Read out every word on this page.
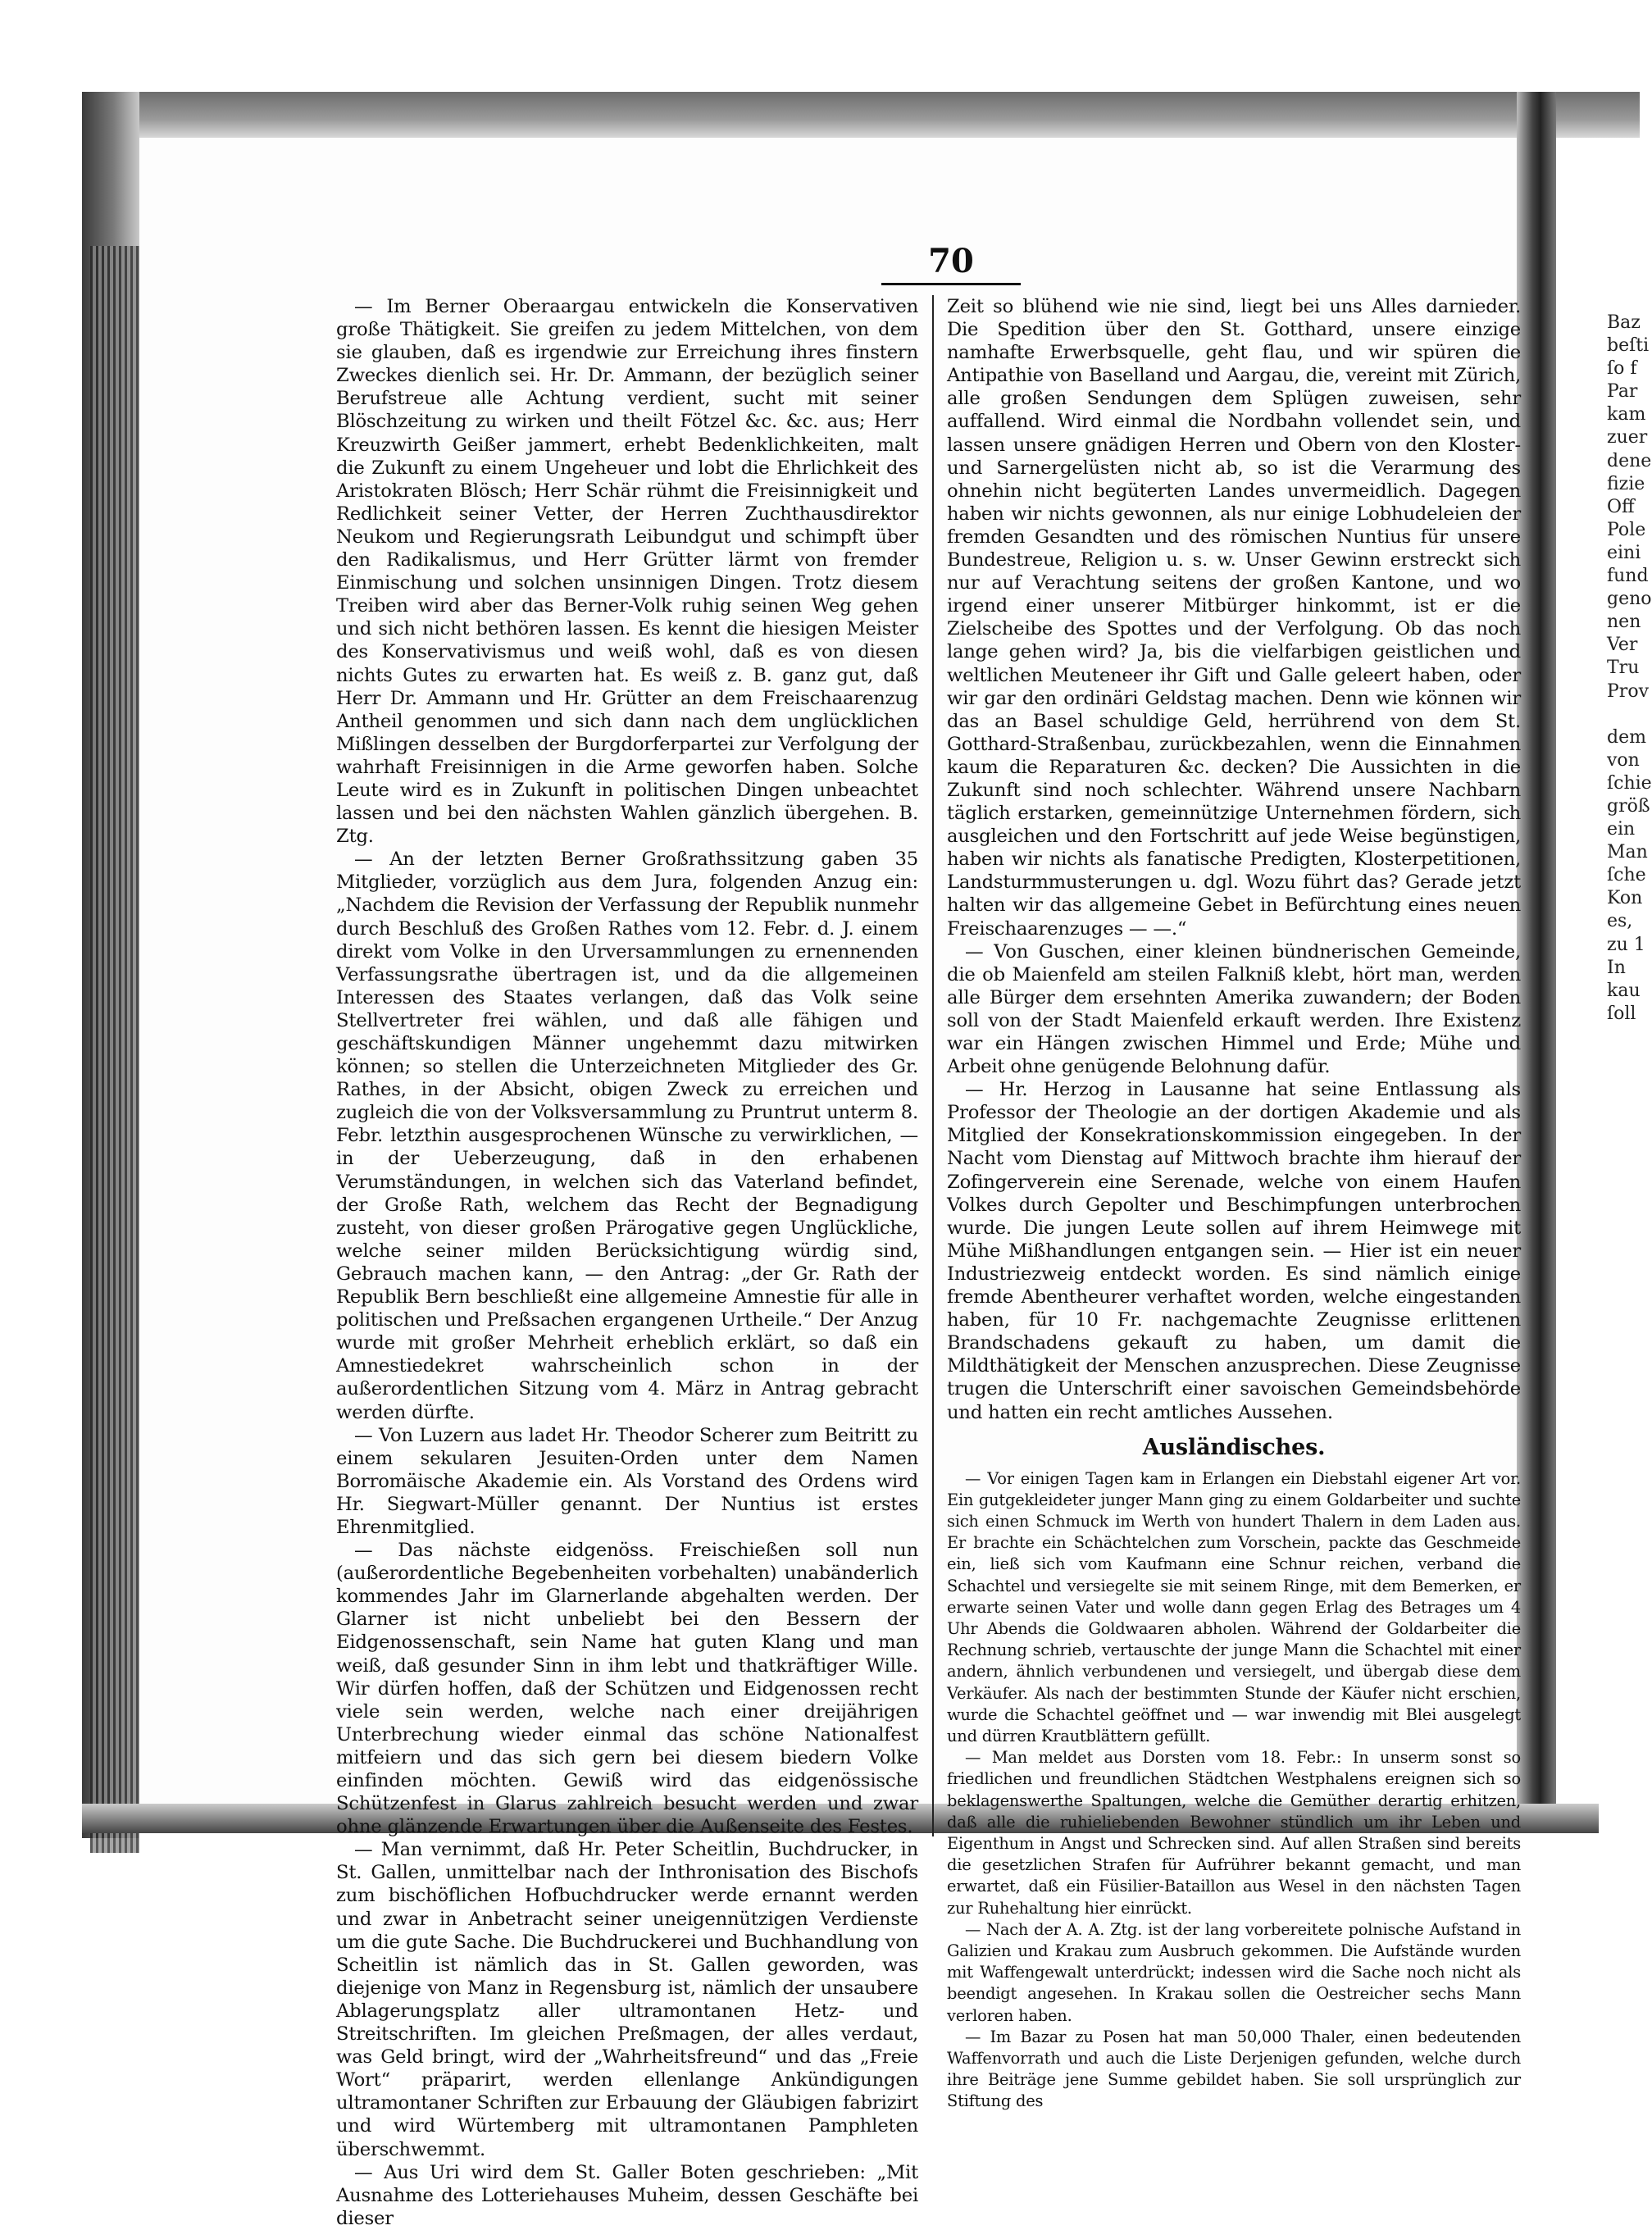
70

— Im Berner Oberaargau entwickeln die Konservativen große Thätigkeit. Sie greifen zu jedem Mittelchen, von dem sie glauben, daß es irgendwie zur Erreichung ihres finstern Zweckes dienlich sei. Hr. Dr. Ammann, der bezüglich seiner Berufstreue alle Achtung verdient, sucht mit seiner Blöschzeitung zu wirken und theilt Fötzel &c. &c. aus; Herr Kreuzwirth Geißer jammert, erhebt Bedenklichkeiten, malt die Zukunft zu einem Ungeheuer und lobt die Ehrlichkeit des Aristokraten Blösch; Herr Schär rühmt die Freisinnigkeit und Redlichkeit seiner Vetter, der Herren Zuchthausdirektor Neukom und Regierungsrath Leibundgut und schimpft über den Radikalismus, und Herr Grütter lärmt von fremder Einmischung und solchen unsinnigen Dingen. Trotz diesem Treiben wird aber das Berner-Volk ruhig seinen Weg gehen und sich nicht bethören lassen. Es kennt die hiesigen Meister des Konservativismus und weiß wohl, daß es von diesen nichts Gutes zu erwarten hat. Es weiß z. B. ganz gut, daß Herr Dr. Ammann und Hr. Grütter an dem Freischaarenzug Antheil genommen und sich dann nach dem unglücklichen Mißlingen desselben der Burgdorferpartei zur Verfolgung der wahrhaft Freisinnigen in die Arme geworfen haben. Solche Leute wird es in Zukunft in politischen Dingen unbeachtet lassen und bei den nächsten Wahlen gänzlich übergehen. B. Ztg.

— An der letzten Berner Großrathssitzung gaben 35 Mitglieder, vorzüglich aus dem Jura, folgenden Anzug ein: „Nachdem die Revision der Verfassung der Republik nunmehr durch Beschluß des Großen Rathes vom 12. Febr. d. J. einem direkt vom Volke in den Urversammlungen zu ernennenden Verfassungsrathe übertragen ist, und da die allgemeinen Interessen des Staates verlangen, daß das Volk seine Stellvertreter frei wählen, und daß alle fähigen und geschäftskundigen Männer ungehemmt dazu mitwirken können; so stellen die Unterzeichneten Mitglieder des Gr. Rathes, in der Absicht, obigen Zweck zu erreichen und zugleich die von der Volksversammlung zu Pruntrut unterm 8. Febr. letzthin ausgesprochenen Wünsche zu verwirklichen, — in der Ueberzeugung, daß in den erhabenen Verumständungen, in welchen sich das Vaterland befindet, der Große Rath, welchem das Recht der Begnadigung zusteht, von dieser großen Prärogative gegen Unglückliche, welche seiner milden Berücksichtigung würdig sind, Gebrauch machen kann, — den Antrag: „der Gr. Rath der Republik Bern beschließt eine allgemeine Amnestie für alle in politischen und Preßsachen ergangenen Urtheile.“ Der Anzug wurde mit großer Mehrheit erheblich erklärt, so daß ein Amnestiedekret wahrscheinlich schon in der außerordentlichen Sitzung vom 4. März in Antrag gebracht werden dürfte.

— Von Luzern aus ladet Hr. Theodor Scherer zum Beitritt zu einem sekularen Jesuiten-Orden unter dem Namen Borromäische Akademie ein. Als Vorstand des Ordens wird Hr. Siegwart-Müller genannt. Der Nuntius ist erstes Ehrenmitglied.

— Das nächste eidgenöss. Freischießen soll nun (außerordentliche Begebenheiten vorbehalten) unabänderlich kommendes Jahr im Glarnerlande abgehalten werden. Der Glarner ist nicht unbeliebt bei den Bessern der Eidgenossenschaft, sein Name hat guten Klang und man weiß, daß gesunder Sinn in ihm lebt und thatkräftiger Wille. Wir dürfen hoffen, daß der Schützen und Eidgenossen recht viele sein werden, welche nach einer dreijährigen Unterbrechung wieder einmal das schöne Nationalfest mitfeiern und das sich gern bei diesem biedern Volke einfinden möchten. Gewiß wird das eidgenössische Schützenfest in Glarus zahlreich besucht werden und zwar ohne glänzende Erwartungen über die Außenseite des Festes.

— Man vernimmt, daß Hr. Peter Scheitlin, Buchdrucker, in St. Gallen, unmittelbar nach der Inthronisation des Bischofs zum bischöflichen Hofbuchdrucker werde ernannt werden und zwar in Anbetracht seiner uneigennützigen Verdienste um die gute Sache. Die Buchdruckerei und Buchhandlung von Scheitlin ist nämlich das in St. Gallen geworden, was diejenige von Manz in Regensburg ist, nämlich der unsaubere Ablagerungsplatz aller ultramontanen Hetz- und Streitschriften. Im gleichen Preßmagen, der alles verdaut, was Geld bringt, wird der „Wahrheitsfreund“ und das „Freie Wort“ präparirt, werden ellenlange Ankündigungen ultramontaner Schriften zur Erbauung der Gläubigen fabrizirt und wird Würtemberg mit ultramontanen Pamphleten überschwemmt.

— Aus Uri wird dem St. Galler Boten geschrieben: „Mit Ausnahme des Lotteriehauses Muheim, dessen Geschäfte bei dieser

Zeit so blühend wie nie sind, liegt bei uns Alles darnieder. Die Spedition über den St. Gotthard, unsere einzige namhafte Erwerbsquelle, geht flau, und wir spüren die Antipathie von Baselland und Aargau, die, vereint mit Zürich, alle großen Sendungen dem Splügen zuweisen, sehr auffallend. Wird einmal die Nordbahn vollendet sein, und lassen unsere gnädigen Herren und Obern von den Kloster- und Sarnergelüsten nicht ab, so ist die Verarmung des ohnehin nicht begüterten Landes unvermeidlich. Dagegen haben wir nichts gewonnen, als nur einige Lobhudeleien der fremden Gesandten und des römischen Nuntius für unsere Bundestreue, Religion u. s. w. Unser Gewinn erstreckt sich nur auf Verachtung seitens der großen Kantone, und wo irgend einer unserer Mitbürger hinkommt, ist er die Zielscheibe des Spottes und der Verfolgung. Ob das noch lange gehen wird? Ja, bis die vielfarbigen geistlichen und weltlichen Meuteneer ihr Gift und Galle geleert haben, oder wir gar den ordinäri Geldstag machen. Denn wie können wir das an Basel schuldige Geld, herrührend von dem St. Gotthard-Straßenbau, zurückbezahlen, wenn die Einnahmen kaum die Reparaturen &c. decken? Die Aussichten in die Zukunft sind noch schlechter. Während unsere Nachbarn täglich erstarken, gemeinnützige Unternehmen fördern, sich ausgleichen und den Fortschritt auf jede Weise begünstigen, haben wir nichts als fanatische Predigten, Klosterpetitionen, Landsturmmusterungen u. dgl. Wozu führt das? Gerade jetzt halten wir das allgemeine Gebet in Befürchtung eines neuen Freischaarenzuges — —.“

— Von Guschen, einer kleinen bündnerischen Gemeinde, die ob Maienfeld am steilen Falkniß klebt, hört man, werden alle Bürger dem ersehnten Amerika zuwandern; der Boden soll von der Stadt Maienfeld erkauft werden. Ihre Existenz war ein Hängen zwischen Himmel und Erde; Mühe und Arbeit ohne genügende Belohnung dafür.

— Hr. Herzog in Lausanne hat seine Entlassung als Professor der Theologie an der dortigen Akademie und als Mitglied der Konsekrationskommission eingegeben. In der Nacht vom Dienstag auf Mittwoch brachte ihm hierauf der Zofingerverein eine Serenade, welche von einem Haufen Volkes durch Gepolter und Beschimpfungen unterbrochen wurde. Die jungen Leute sollen auf ihrem Heimwege mit Mühe Mißhandlungen entgangen sein. — Hier ist ein neuer Industriezweig entdeckt worden. Es sind nämlich einige fremde Abentheurer verhaftet worden, welche eingestanden haben, für 10 Fr. nachgemachte Zeugnisse erlittenen Brandschadens gekauft zu haben, um damit die Mildthätigkeit der Menschen anzusprechen. Diese Zeugnisse trugen die Unterschrift einer savoischen Gemeindsbehörde und hatten ein recht amtliches Aussehen.

Ausländisches.

— Vor einigen Tagen kam in Erlangen ein Diebstahl eigener Art vor. Ein gutgekleideter junger Mann ging zu einem Goldarbeiter und suchte sich einen Schmuck im Werth von hundert Thalern in dem Laden aus. Er brachte ein Schächtelchen zum Vorschein, packte das Geschmeide ein, ließ sich vom Kaufmann eine Schnur reichen, verband die Schachtel und versiegelte sie mit seinem Ringe, mit dem Bemerken, er erwarte seinen Vater und wolle dann gegen Erlag des Betrages um 4 Uhr Abends die Goldwaaren abholen. Während der Goldarbeiter die Rechnung schrieb, vertauschte der junge Mann die Schachtel mit einer andern, ähnlich verbundenen und versiegelt, und übergab diese dem Verkäufer. Als nach der bestimmten Stunde der Käufer nicht erschien, wurde die Schachtel geöffnet und — war inwendig mit Blei ausgelegt und dürren Krautblättern gefüllt.

— Man meldet aus Dorsten vom 18. Febr.: In unserm sonst so friedlichen und freundlichen Städtchen Westphalens ereignen sich so beklagenswerthe Spaltungen, welche die Gemüther derartig erhitzen, daß alle die ruhieliebenden Bewohner stündlich um ihr Leben und Eigenthum in Angst und Schrecken sind. Auf allen Straßen sind bereits die gesetzlichen Strafen für Aufrührer bekannt gemacht, und man erwartet, daß ein Füsilier-Bataillon aus Wesel in den nächsten Tagen zur Ruhehaltung hier einrückt.

— Nach der A. A. Ztg. ist der lang vorbereitete polnische Aufstand in Galizien und Krakau zum Ausbruch gekommen. Die Aufstände wurden mit Waffengewalt unterdrückt; indessen wird die Sache noch nicht als beendigt angesehen. In Krakau sollen die Oestreicher sechs Mann verloren haben.

— Im Bazar zu Posen hat man 50,000 Thaler, einen bedeutenden Waffenvorrath und auch die Liste Derjenigen gefunden, welche durch ihre Beiträge jene Summe gebildet haben. Sie soll ursprünglich zur Stiftung des

Baz
beſti
ſo f
Par
kam
zuer
dene
fizie
Off
Pole
eini
fund
geno
nen
Ver
Tru
Prov

dem
von
ſchie
größ
ein
Man
ſche
Kon
es,
zu 1
In
kau
ſoll
